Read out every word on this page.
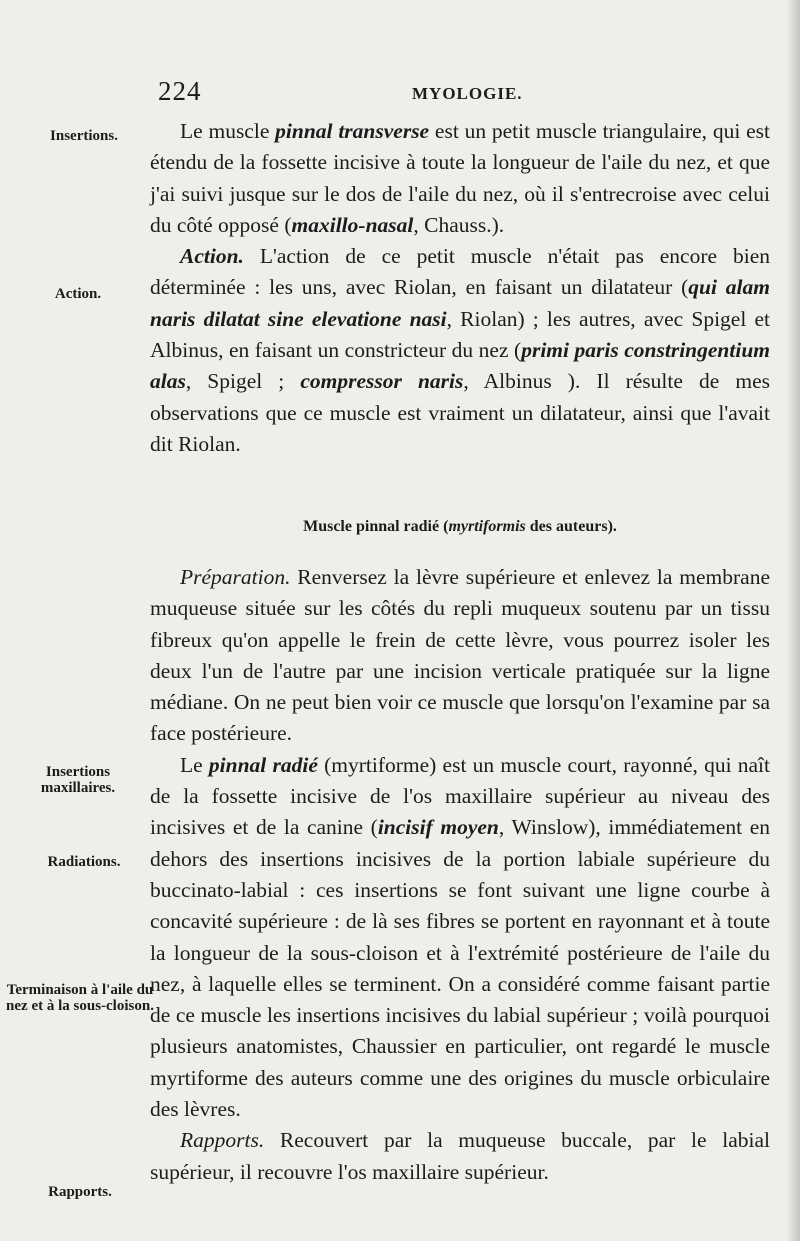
224	MYOLOGIE.
Insertions.
Action.
Insertions maxillaires.
Radiations.
Terminaison à l'aile du nez et à la sous-cloison.
Rapports.

Le muscle pinnal transverse est un petit muscle triangulaire, qui est étendu de la fossette incisive à toute la longueur de l'aile du nez, et que j'ai suivi jusque sur le dos de l'aile du nez, où il s'entrecroise avec celui du côté opposé (maxillo-nasal, Chauss.).

Action. L'action de ce petit muscle n'était pas encore bien déterminée : les uns, avec Riolan, en faisant un dilatateur (qui alam naris dilatat sine elevatione nasi, Riolan) ; les autres, avec Spigel et Albinus, en faisant un constricteur du nez (primi paris constringentium alas, Spigel ; compressor naris, Albinus ). Il résulte de mes observations que ce muscle est vraiment un dilatateur, ainsi que l'avait dit Riolan.

Muscle pinnal radié (myrtiformis des auteurs).

Préparation. Renversez la lèvre supérieure et enlevez la membrane muqueuse située sur les côtés du repli muqueux soutenu par un tissu fibreux qu'on appelle le frein de cette lèvre, vous pourrez isoler les deux l'un de l'autre par une incision verticale pratiquée sur la ligne médiane. On ne peut bien voir ce muscle que lorsqu'on l'examine par sa face postérieure.

Le pinnal radié (myrtiforme) est un muscle court, rayonné, qui naît de la fossette incisive de l'os maxillaire supérieur au niveau des incisives et de la canine (incisif moyen, Winslow), immédiatement en dehors des insertions incisives de la portion labiale supérieure du buccinato-labial : ces insertions se font suivant une ligne courbe à concavité supérieure : de là ses fibres se portent en rayonnant et à toute la longueur de la sous-cloison et à l'extrémité postérieure de l'aile du nez, à laquelle elles se terminent. On a considéré comme faisant partie de ce muscle les insertions incisives du labial supérieur ; voilà pourquoi plusieurs anatomistes, Chaussier en particulier, ont regardé le muscle myrtiforme des auteurs comme une des origines du muscle orbiculaire des lèvres.

Rapports. Recouvert par la muqueuse buccale, par le labial supérieur, il recouvre l'os maxillaire supérieur.
